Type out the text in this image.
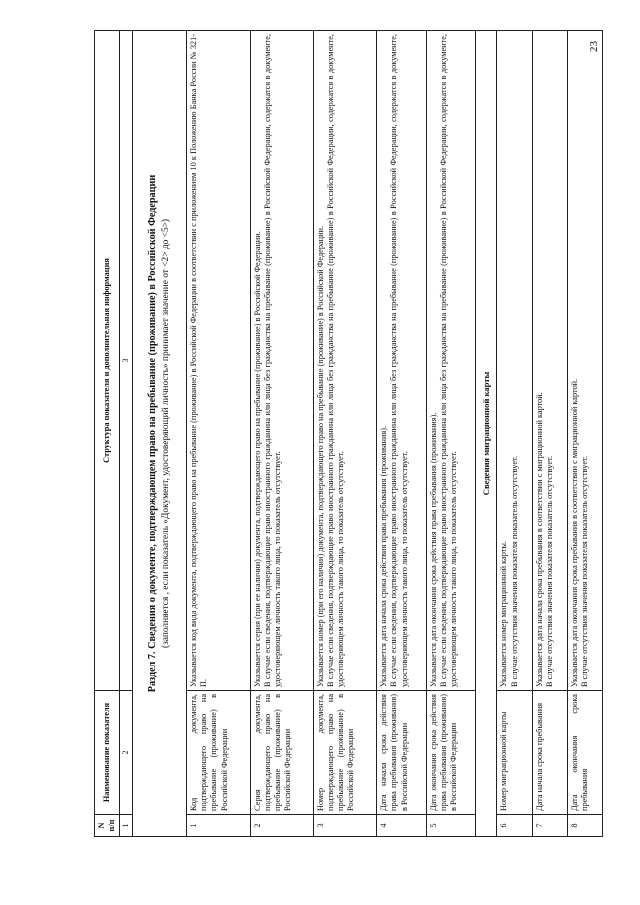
23
N п/п	Наименование показателя	Структура показателя и дополнительная информация
1	2	3

Раздел 7. Сведения о документе, подтверждающем право на пребывание (проживание) в Российской Федерации (заполняется , если показатель «Документ, удостоверяющий личность» принимает значение от <2> до <5>)		

1	Код документа, подтверждающего право на пребывание (проживание) в Российской Федерации	Указывается код вида документа, подтверждающего право на пребывание (проживание) в Российской Федерации в соответствии с приложением 10 к Положению Банка России № 321-П.

2	Серия документа, подтверждающего право на пребывание (проживание) в Российской Федерации	Указывается серия (при ее наличии) документа, подтверждающего право на пребывание (проживание) в Российской Федерации. В случае если сведения, подтверждающие право иностранного гражданина или лица без гражданства на пребывание (проживание) в Российской Федерации, содержатся в документе, удостоверяющем личность такого лица, то показатель отсутствует.

3	Номер документа, подтверждающего право на пребывание (проживание) в Российской Федерации	Указывается номер (при его наличии) документа, подтверждающего право на пребывание (проживание) в Российской Федерации. В случае если сведения, подтверждающие право иностранного гражданина или лица без гражданства на пребывание (проживание) в Российской Федерации, содержатся в документе, удостоверяющем личность такого лица, то показатель отсутствует.

4	Дата начала срока действия права пребывания (проживания) в Российской Федерации	Указывается дата начала срока действия права пребывания (проживания). В случае если сведения, подтверждающие право иностранного гражданина или лица без гражданства на пребывание (проживание) в Российской Федерации, содержатся в документе, удостоверяющем личность такого лица, то показатель отсутствует.

5	Дата окончания срока действия права пребывания (проживания) в Российской Федерации	Указывается дата окончания срока действия права пребывания (проживания). В случае если сведения, подтверждающие право иностранного гражданина или лица без гражданства на пребывание (проживание) в Российской Федерации, содержатся в документе, удостоверяющем личность такого лица, то показатель отсутствует.

Сведения миграционной карты		
6	Номер миграционной карты	Указывается номер миграционной карты. В случае отсутствия значения показателя показатель отсутствует.

7	Дата начала срока пребывания	Указывается дата начала срока пребывания в соответствии с миграционной картой. В случае отсутствия значения показателя показатель отсутствует.

8	Дата окончания срока пребывания	Указывается дата окончания срока пребывания в соответствии с миграционной картой. В случае отсутствия значения показателя показатель отсутствует.
